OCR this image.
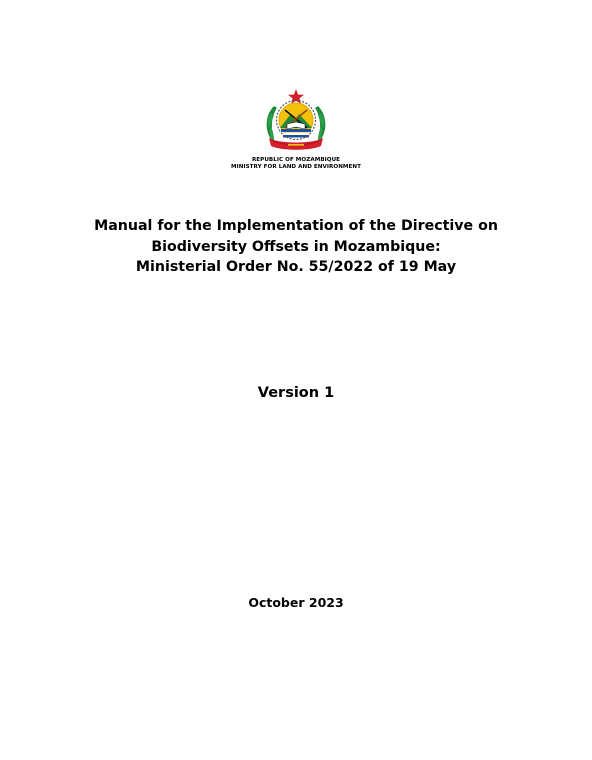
REPUBLIC OF MOZAMBIQUE
MINISTRY FOR LAND AND ENVIRONMENT
Manual for the Implementation of the Directive on
Biodiversity Offsets in Mozambique:
Ministerial Order No. 55/2022 of 19 May
Version 1
October 2023
